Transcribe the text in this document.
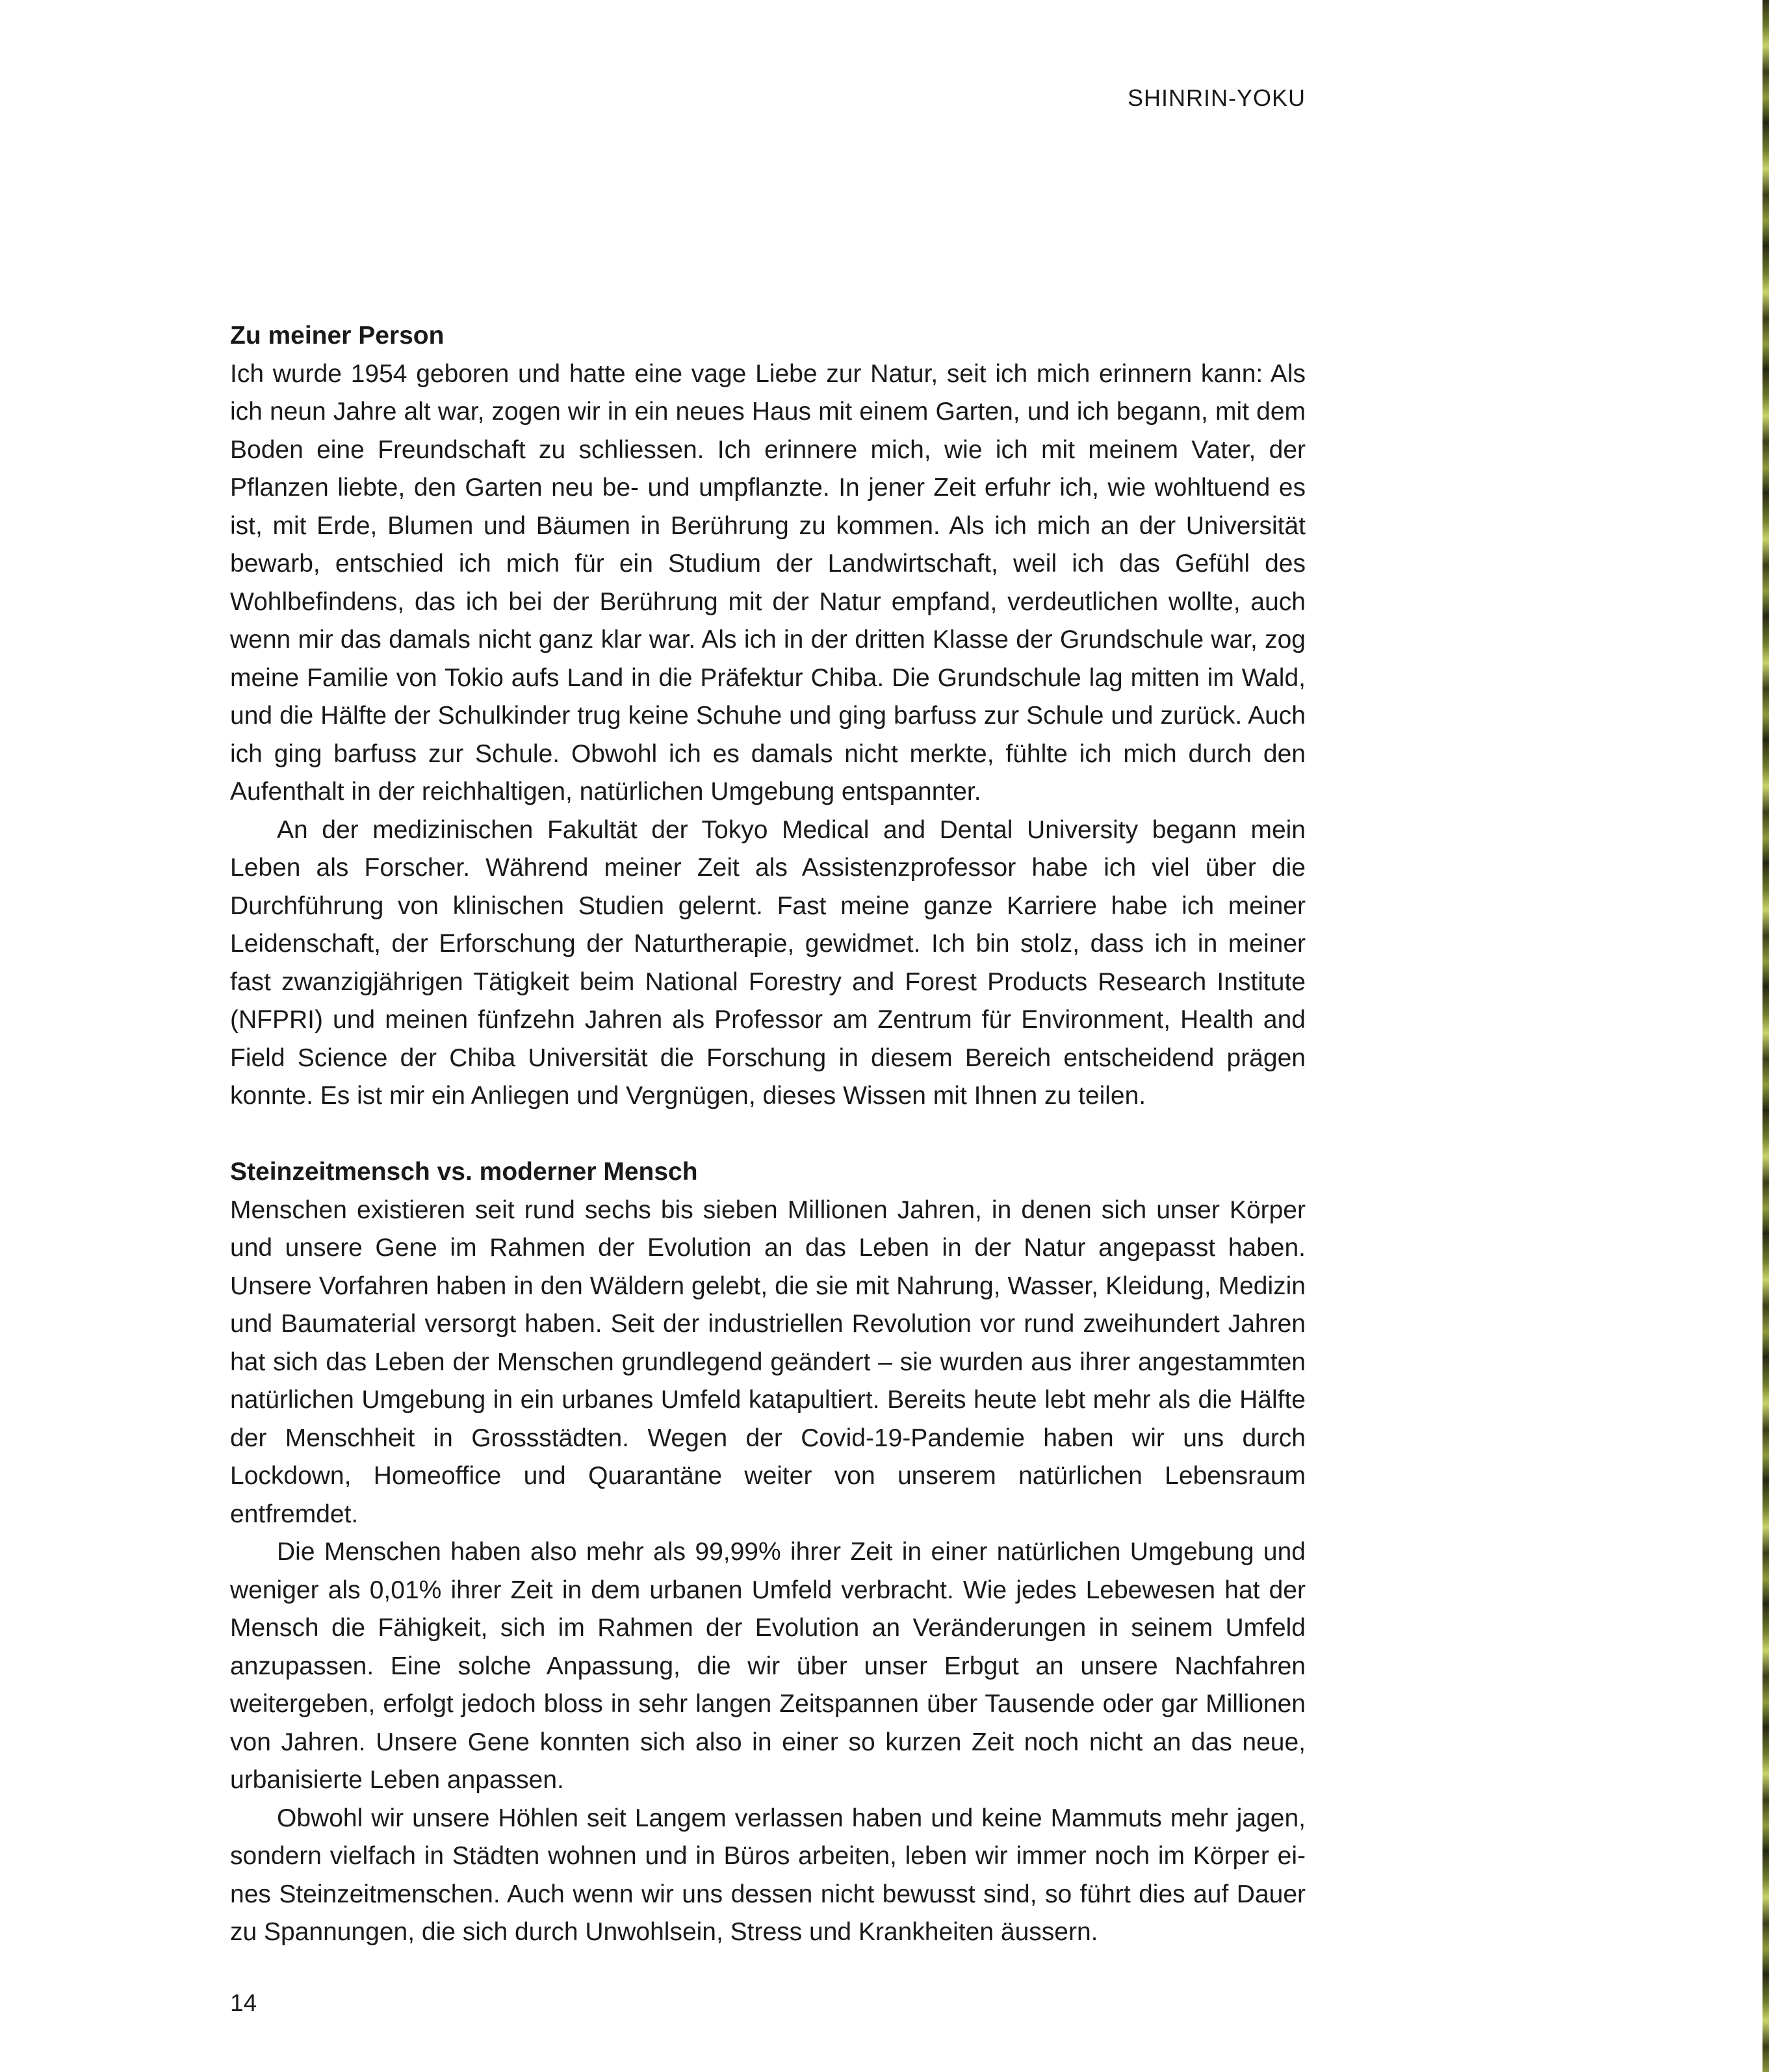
SHINRIN-YOKU
Zu meiner Person

Ich wurde 1954 geboren und hatte eine vage Liebe zur Natur, seit ich mich erinnern kann: Als ich neun Jahre alt war, zogen wir in ein neues Haus mit einem Garten, und ich begann, mit dem Boden eine Freundschaft zu schliessen. Ich erinnere mich, wie ich mit meinem Vater, der Pflanzen liebte, den Garten neu be- und umpflanzte. In jener Zeit erfuhr ich, wie wohltuend es ist, mit Erde, Blumen und Bäumen in Berührung zu kommen. Als ich mich an der Universität bewarb, entschied ich mich für ein Studium der Landwirtschaft, weil ich das Gefühl des Wohlbefindens, das ich bei der Berührung mit der Natur empfand, verdeutlichen wollte, auch wenn mir das damals nicht ganz klar war. Als ich in der dritten Klasse der Grundschule war, zog meine Familie von Tokio aufs Land in die Präfektur Chiba. Die Grundschule lag mitten im Wald, und die Hälfte der Schulkinder trug keine Schuhe und ging barfuss zur Schule und zurück. Auch ich ging barfuss zur Schule. Obwohl ich es damals nicht merkte, fühlte ich mich durch den Aufenthalt in der reichhaltigen, natürlichen Umgebung entspannter.

An der medizinischen Fakultät der Tokyo Medical and Dental University begann mein Leben als Forscher. Während meiner Zeit als Assistenzprofessor habe ich viel über die Durchführung von klinischen Studien gelernt. Fast meine ganze Karriere habe ich meiner Leidenschaft, der Erforschung der Naturtherapie, gewidmet. Ich bin stolz, dass ich in meiner fast zwanzigjährigen Tätigkeit beim National Forestry and Forest Products Research Institute (NFPRI) und meinen fünfzehn Jahren als Professor am Zentrum für Environment, Health and Field Science der Chiba Universität die Forschung in diesem Bereich entscheidend prägen konnte. Es ist mir ein Anliegen und Vergnügen, dieses Wissen mit Ihnen zu teilen.

Steinzeitmensch vs. moderner Mensch

Menschen existieren seit rund sechs bis sieben Millionen Jahren, in denen sich unser Körper und unsere Gene im Rahmen der Evolution an das Leben in der Natur angepasst haben. Unsere Vorfahren haben in den Wäldern gelebt, die sie mit Nahrung, Wasser, Kleidung, Medizin und Baumaterial versorgt haben. Seit der industriellen Revolution vor rund zweihundert Jahren hat sich das Leben der Menschen grundlegend geändert – sie wurden aus ihrer angestammten natürlichen Umgebung in ein urbanes Umfeld katapultiert. Bereits heute lebt mehr als die Hälfte der Menschheit in Grossstädten. Wegen der Covid-19-Pandemie haben wir uns durch Lockdown, Homeoffice und Quarantäne weiter von unserem natürlichen Lebensraum entfremdet.

Die Menschen haben also mehr als 99,99% ihrer Zeit in einer natürlichen Umgebung und weniger als 0,01% ihrer Zeit in dem urbanen Umfeld verbracht. Wie jedes Lebewesen hat der Mensch die Fähigkeit, sich im Rahmen der Evolution an Veränderungen in seinem Umfeld anzupassen. Eine solche Anpassung, die wir über unser Erbgut an unsere Nachfahren weitergeben, erfolgt jedoch bloss in sehr langen Zeitspannen über Tausende oder gar Millionen von Jahren. Unsere Gene konnten sich also in einer so kurzen Zeit noch nicht an das neue, urbanisierte Leben anpassen.

Obwohl wir unsere Höhlen seit Langem verlassen haben und keine Mammuts mehr jagen, sondern vielfach in Städten wohnen und in Büros arbeiten, leben wir immer noch im Körper eines Steinzeitmenschen. Auch wenn wir uns dessen nicht bewusst sind, so führt dies auf Dauer zu Spannungen, die sich durch Unwohlsein, Stress und Krankheiten äussern.

14
